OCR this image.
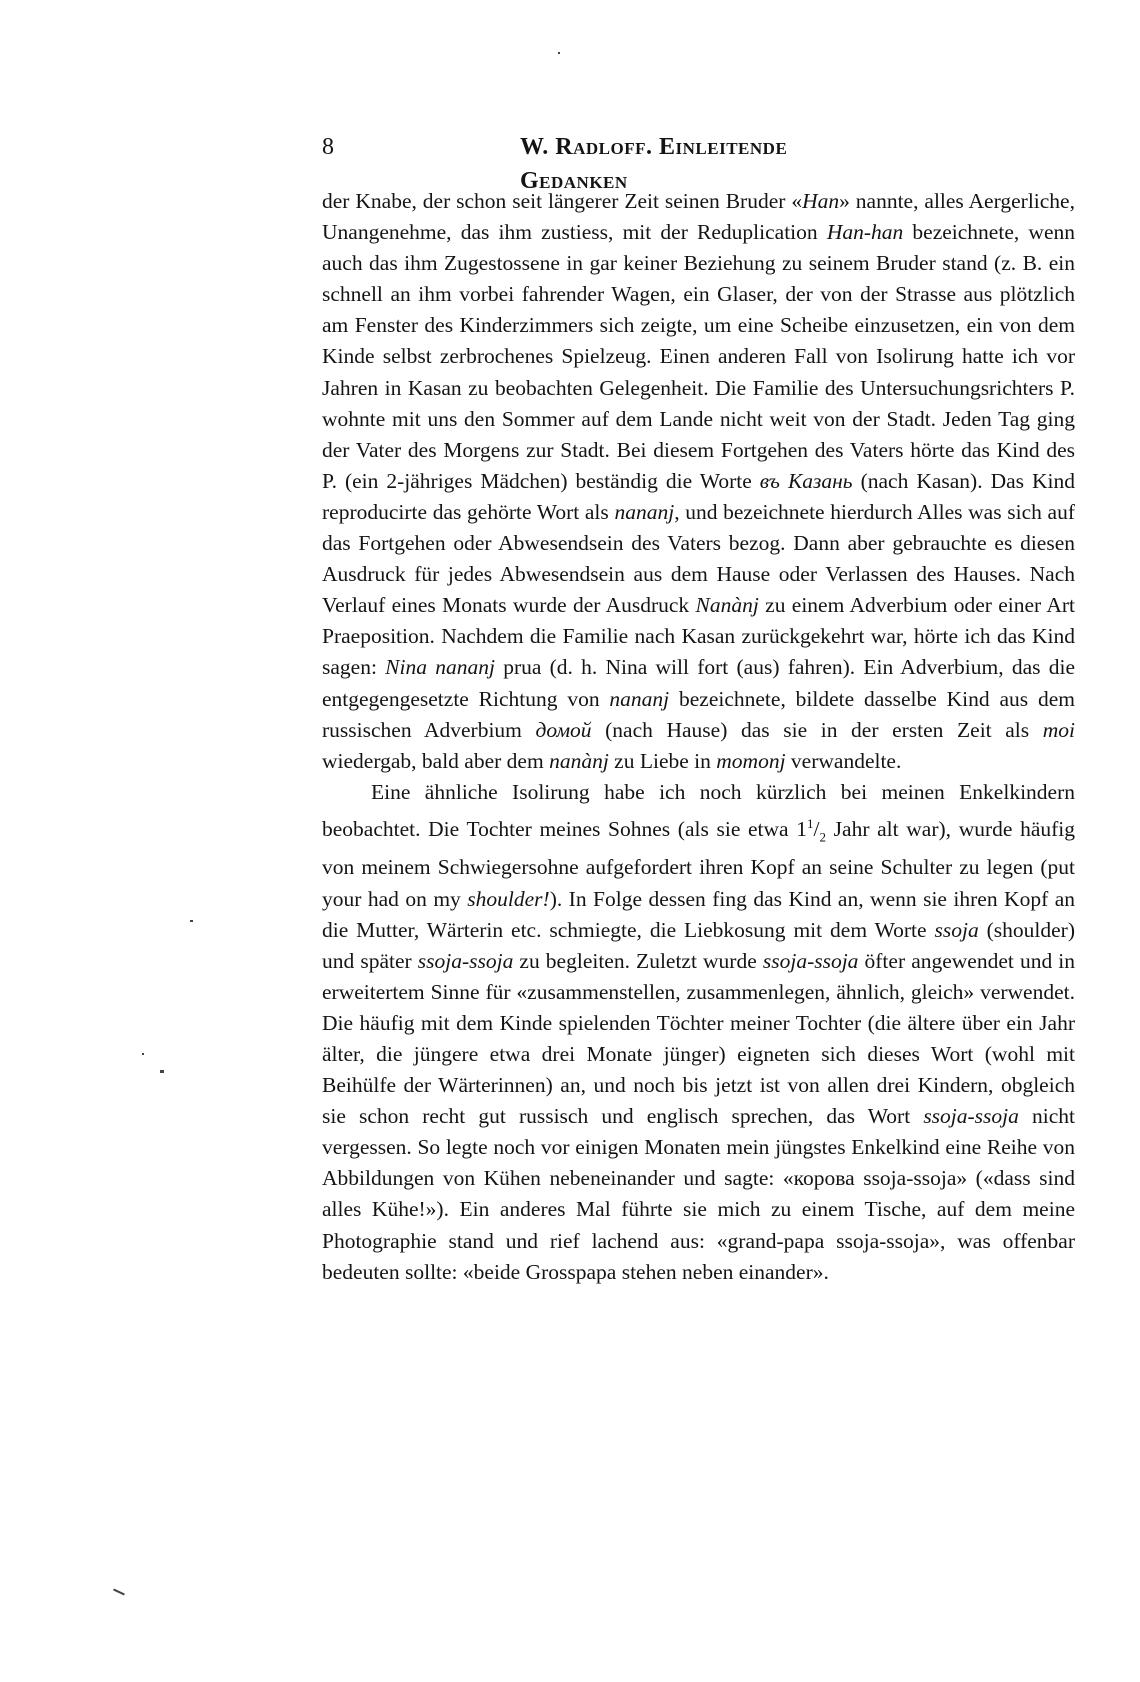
8	W. Radloff. Einleitende Gedanken

der Knabe, der schon seit längerer Zeit seinen Bruder «Han» nannte, alles Aergerliche, Unangenehme, das ihm zustiess, mit der Reduplication Han-han bezeichnete, wenn auch das ihm Zugestossene in gar keiner Beziehung zu seinem Bruder stand (z. B. ein schnell an ihm vorbei fahrender Wagen, ein Glaser, der von der Strasse aus plötzlich am Fenster des Kinderzimmers sich zeigte, um eine Scheibe einzusetzen, ein von dem Kinde selbst zerbrochenes Spielzeug. Einen anderen Fall von Isolirung hatte ich vor Jahren in Kasan zu beobachten Gelegenheit. Die Familie des Untersuchungsrichters P. wohnte mit uns den Sommer auf dem Lande nicht weit von der Stadt. Jeden Tag ging der Vater des Morgens zur Stadt. Bei diesem Fortgehen des Vaters hörte das Kind des P. (ein 2-jähriges Mädchen) beständig die Worte въ Казань (nach Kasan). Das Kind reproducirte das gehörte Wort als nananj, und bezeichnete hierdurch Alles was sich auf das Fortgehen oder Abwesendsein des Vaters bezog. Dann aber gebrauchte es diesen Ausdruck für jedes Abwesendsein aus dem Hause oder Verlassen des Hauses. Nach Verlauf eines Monats wurde der Ausdruck Nanànj zu einem Adverbium oder einer Art Praeposition. Nachdem die Familie nach Kasan zurückgekehrt war, hörte ich das Kind sagen: Nina nananj prua (d. h. Nina will fort (aus) fahren). Ein Adverbium, das die entgegengesetzte Richtung von nananj bezeichnete, bildete dasselbe Kind aus dem russischen Adverbium домой (nach Hause) das sie in der ersten Zeit als moi wiedergab, bald aber dem nanànj zu Liebe in momonj verwandelte.

Eine ähnliche Isolirung habe ich noch kürzlich bei meinen Enkelkindern beobachtet. Die Tochter meines Sohnes (als sie etwa $1^1/_2$ Jahr alt war), wurde häufig von meinem Schwiegersohne aufgefordert ihren Kopf an seine Schulter zu legen (put your had on my shoulder!). In Folge dessen fing das Kind an, wenn sie ihren Kopf an die Mutter, Wärterin etc. schmiegte, die Liebkosung mit dem Worte ssoja (shoulder) und später ssoja-ssoja zu begleiten. Zuletzt wurde ssoja-ssoja öfter angewendet und in erweitertem Sinne für «zusammenstellen, zusammenlegen, ähnlich, gleich» verwendet. Die häufig mit dem Kinde spielenden Töchter meiner Tochter (die ältere über ein Jahr älter, die jüngere etwa drei Monate jünger) eigneten sich dieses Wort (wohl mit Beihülfe der Wärterinnen) an, und noch bis jetzt ist von allen drei Kindern, obgleich sie schon recht gut russisch und englisch sprechen, das Wort ssoja-ssoja nicht vergessen. So legte noch vor einigen Monaten mein jüngstes Enkelkind eine Reihe von Abbildungen von Kühen nebeneinander und sagte: «корова ssoja-ssoja» («dass sind alles Kühe!»). Ein anderes Mal führte sie mich zu einem Tische, auf dem meine Photographie stand und rief lachend aus: «grand-papa ssoja-ssoja», was offenbar bedeuten sollte: «beide Grosspapa stehen neben einander».
